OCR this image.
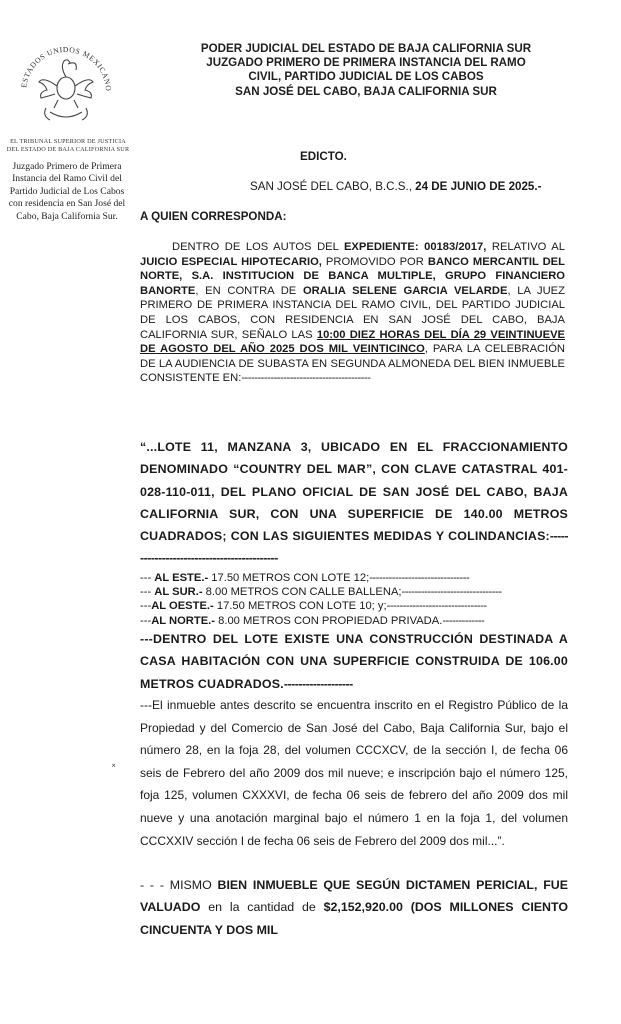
ESTADOS UNIDOS MEXICANO
EL TRIBUNAL SUPERIOR DE JUSTICIA DEL ESTADO DE BAJA CALIFORNIA SUR
Juzgado Primero de Primera Instancia del Ramo Civil del Partido Judicial de Los Cabos con residencia en San José del Cabo, Baja California Sur.
PODER JUDICIAL DEL ESTADO DE BAJA CALIFORNIA SUR
JUZGADO PRIMERO DE PRIMERA INSTANCIA DEL RAMO
CIVIL, PARTIDO JUDICIAL DE LOS CABOS
SAN JOSÉ DEL CABO, BAJA CALIFORNIA SUR
EDICTO.
SAN JOSÉ DEL CABO, B.C.S., 24 DE JUNIO DE 2025.-
A QUIEN CORRESPONDA:
DENTRO DE LOS AUTOS DEL EXPEDIENTE: 00183/2017, RELATIVO AL JUICIO ESPECIAL HIPOTECARIO, PROMOVIDO POR BANCO MERCANTIL DEL NORTE, S.A. INSTITUCION DE BANCA MULTIPLE, GRUPO FINANCIERO BANORTE, EN CONTRA DE ORALIA SELENE GARCIA VELARDE, LA JUEZ PRIMERO DE PRIMERA INSTANCIA DEL RAMO CIVIL, DEL PARTIDO JUDICIAL DE LOS CABOS, CON RESIDENCIA EN SAN JOSÉ DEL CABO, BAJA CALIFORNIA SUR, SEÑALO LAS 10:00 DIEZ HORAS DEL DÍA 29 VEINTINUEVE DE AGOSTO DEL AÑO 2025 DOS MIL VEINTICINCO, PARA LA CELEBRACIÓN DE LA AUDIENCIA DE SUBASTA EN SEGUNDA ALMONEDA DEL BIEN INMUEBLE CONSISTENTE EN:----------------------------------------
“...LOTE 11, MANZANA 3, UBICADO EN EL FRACCIONAMIENTO DENOMINADO “COUNTRY DEL MAR”, CON CLAVE CATASTRAL 401-028-110-011, DEL PLANO OFICIAL DE SAN JOSÉ DEL CABO, BAJA CALIFORNIA SUR, CON UNA SUPERFICIE DE 140.00 METROS CUADRADOS; CON LAS SIGUIENTES MEDIDAS Y COLINDANCIAS:-------------------------------------------
--- AL ESTE.- 17.50 METROS CON LOTE 12;-------------------------------
--- AL SUR.- 8.00 METROS CON CALLE BALLENA;-------------------------------
---AL OESTE.- 17.50 METROS CON LOTE 10; y;-------------------------------
---AL NORTE.- 8.00 METROS CON PROPIEDAD PRIVADA.-------------
---DENTRO DEL LOTE EXISTE UNA CONSTRUCCIÓN DESTINADA A CASA HABITACIÓN CON UNA SUPERFICIE CONSTRUIDA DE 106.00 METROS CUADRADOS.-------------------
˟
---El inmueble antes descrito se encuentra inscrito en el Registro Público de la Propiedad y del Comercio de San José del Cabo, Baja California Sur, bajo el número 28, en la foja 28, del volumen CCCXCV, de la sección I, de fecha 06 seis de Febrero del año 2009 dos mil nueve; e inscripción bajo el número 125, foja 125, volumen CXXXVI, de fecha 06 seis de febrero del año 2009 dos mil nueve y una anotación marginal bajo el número 1 en la foja 1, del volumen CCCXXIV sección I de fecha 06 seis de Febrero del 2009 dos mil...”.
- - - MISMO BIEN INMUEBLE QUE SEGÚN DICTAMEN PERICIAL, FUE VALUADO en la cantidad de $2,152,920.00 (DOS MILLONES CIENTO CINCUENTA Y DOS MIL
